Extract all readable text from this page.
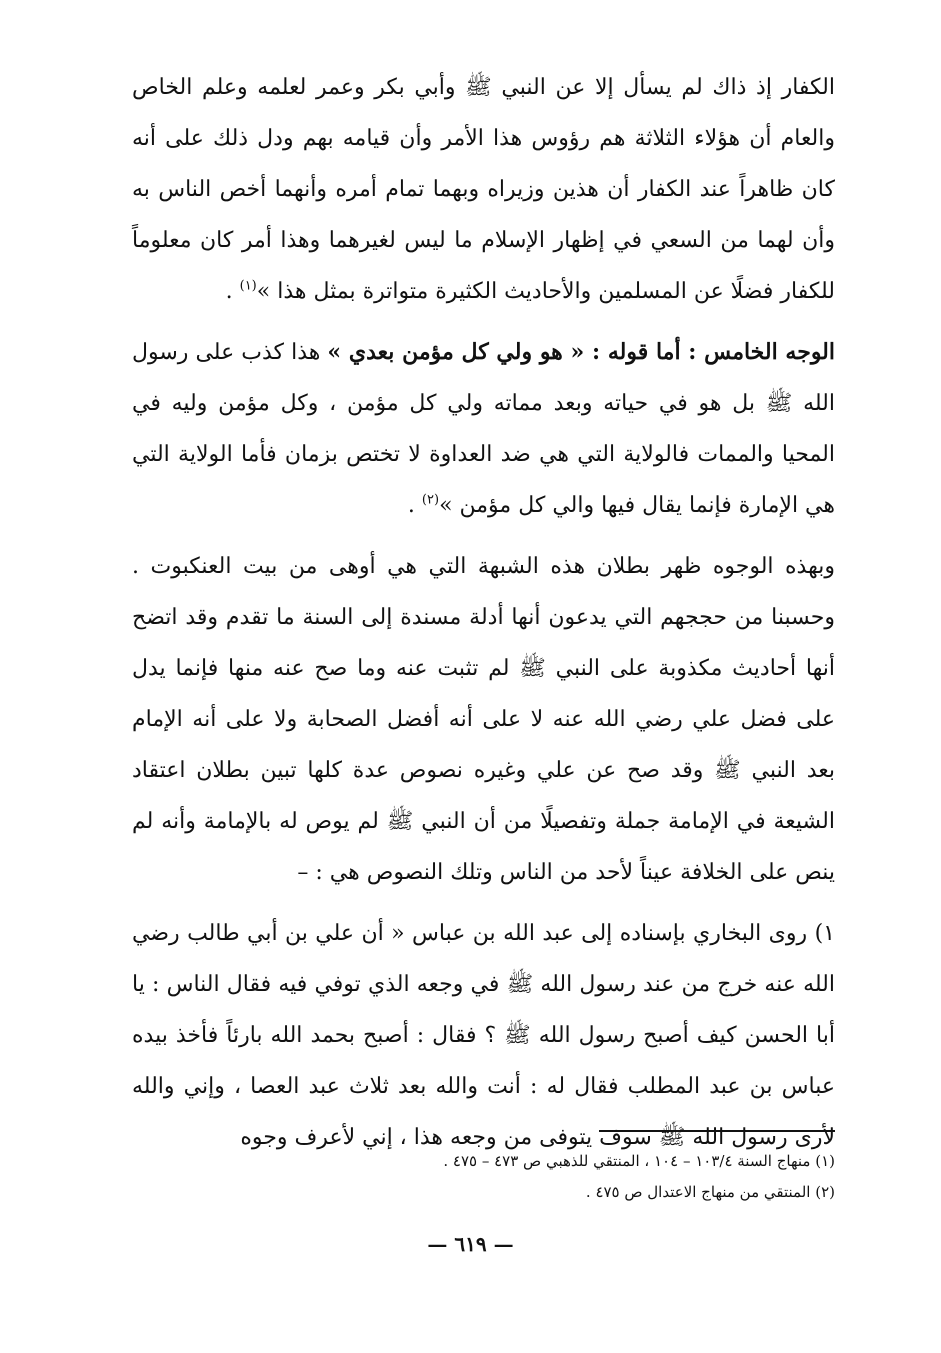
الكفار إذ ذاك لم يسأل إلا عن النبي ﷺ وأبي بكر وعمر لعلمه وعلم الخاص والعام أن هؤلاء الثلاثة هم رؤوس هذا الأمر وأن قيامه بهم ودل ذلك على أنه كان ظاهراً عند الكفار أن هذين وزيراه وبهما تمام أمره وأنهما أخص الناس به وأن لهما من السعي في إظهار الإسلام ما ليس لغيرهما وهذا أمر كان معلوماً للكفار فضلًا عن المسلمين والأحاديث الكثيرة متواترة بمثل هذا »$^{(١)}$ .

الوجه الخامس : أما قوله : « هو ولي كل مؤمن بعدي » هذا كذب على رسول الله ﷺ بل هو في حياته وبعد مماته ولي كل مؤمن ، وكل مؤمن وليه في المحيا والممات فالولاية التي هي ضد العداوة لا تختص بزمان فأما الولاية التي هي الإمارة فإنما يقال فيها والي كل مؤمن »$^{(٢)}$ .

وبهذه الوجوه ظهر بطلان هذه الشبهة التي هي أوهى من بيت العنكبوت . وحسبنا من حججهم التي يدعون أنها أدلة مسندة إلى السنة ما تقدم وقد اتضح أنها أحاديث مكذوبة على النبي ﷺ لم تثبت عنه وما صح عنه منها فإنما يدل على فضل علي رضي الله عنه لا على أنه أفضل الصحابة ولا على أنه الإمام بعد النبي ﷺ وقد صح عن علي وغيره نصوص عدة كلها تبين بطلان اعتقاد الشيعة في الإمامة جملة وتفصيلًا من أن النبي ﷺ لم يوص له بالإمامة وأنه لم ينص على الخلافة عيناً لأحد من الناس وتلك النصوص هي : –

١) روى البخاري بإسناده إلى عبد الله بن عباس « أن علي بن أبي طالب رضي الله عنه خرج من عند رسول الله ﷺ في وجعه الذي توفي فيه فقال الناس : يا أبا الحسن كيف أصبح رسول الله ﷺ ؟ فقال : أصبح بحمد الله بارئاً فأخذ بيده عباس بن عبد المطلب فقال له : أنت والله بعد ثلاث عبد العصا ، وإني والله لأرى رسول الله ﷺ سوف يتوفى من وجعه هذا ، إني لأعرف وجوه

(١) منهاج السنة ١٠٣/٤ – ١٠٤ ، المنتقي للذهبي ص ٤٧٣ – ٤٧٥ .

(٢) المنتقي من منهاج الاعتدال ص ٤٧٥ .

— ٦١٩ —
